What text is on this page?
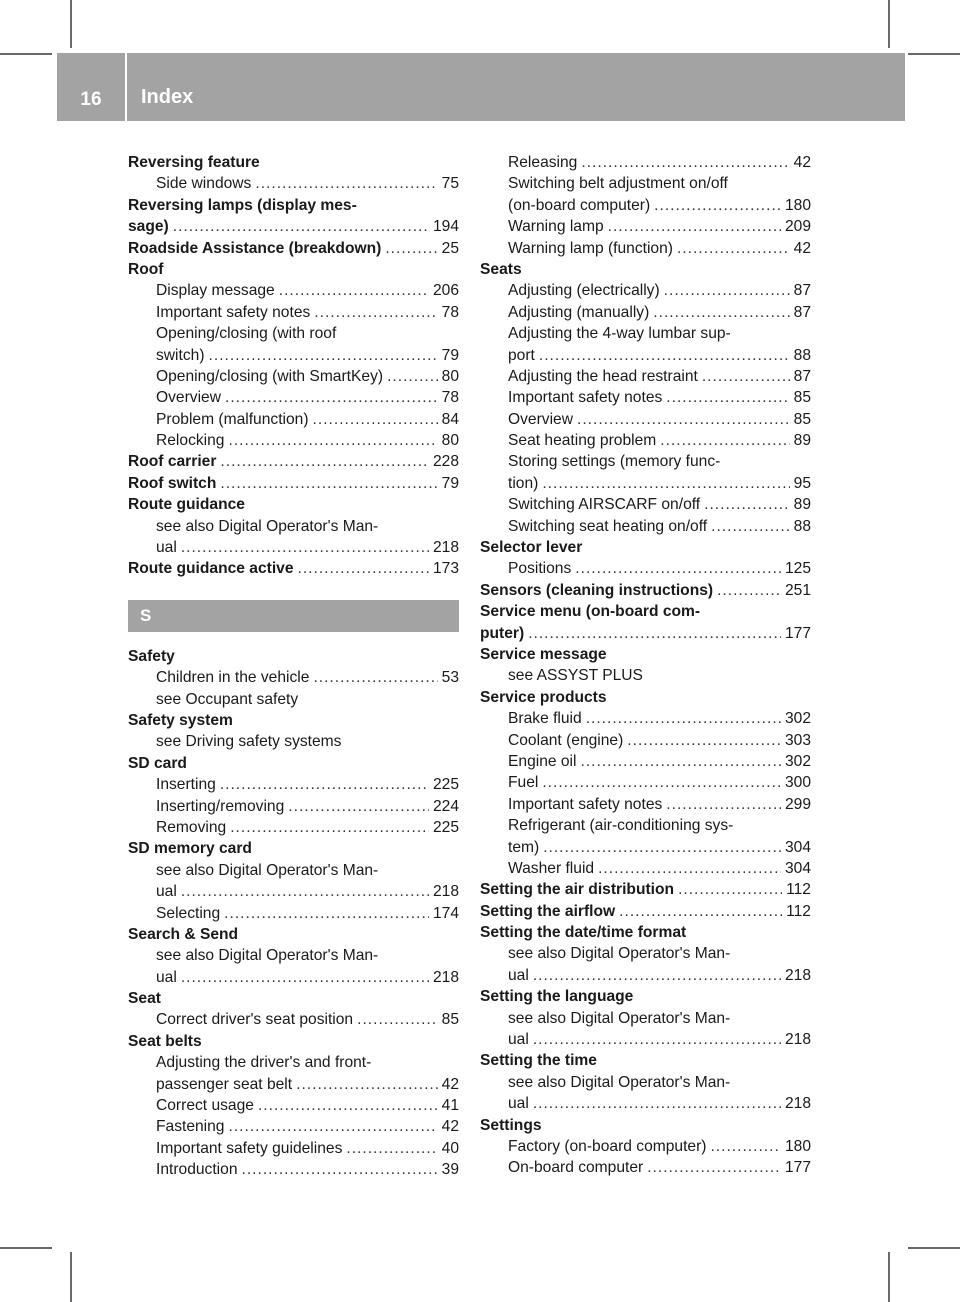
16	Index
Reversing feature
Side windows .....	75
Reversing lamps (display mes-
sage) .....	194
Roadside Assistance (breakdown) .....	25
Roof
Display message .....	206
Important safety notes .....	78
Opening/closing (with roof
switch) .....	79
Opening/closing (with SmartKey) .....	80
Overview .....	78
Problem (malfunction) .....	84
Relocking .....	80
Roof carrier .....	228
Roof switch .....	79
Route guidance
see also Digital Operator's Man-
ual .....	218
Route guidance active .....	173
S
Safety
Children in the vehicle .....	53
see Occupant safety
Safety system
see Driving safety systems
SD card
Inserting .....	225
Inserting/removing .....	224
Removing .....	225
SD memory card
see also Digital Operator's Man-
ual .....	218
Selecting .....	174
Search & Send
see also Digital Operator's Man-
ual .....	218
Seat
Correct driver's seat position .....	85
Seat belts
Adjusting the driver's and front-
passenger seat belt .....	42
Correct usage .....	41
Fastening .....	42
Important safety guidelines .....	40
Introduction .....	39
Releasing .....	42
Switching belt adjustment on/off
(on-board computer) .....	180
Warning lamp .....	209
Warning lamp (function) .....	42
Seats
Adjusting (electrically) .....	87
Adjusting (manually) .....	87
Adjusting the 4-way lumbar sup-
port .....	88
Adjusting the head restraint .....	87
Important safety notes .....	85
Overview .....	85
Seat heating problem .....	89
Storing settings (memory func-
tion) .....	95
Switching AIRSCARF on/off .....	89
Switching seat heating on/off .....	88
Selector lever
Positions .....	125
Sensors (cleaning instructions) .....	251
Service menu (on-board com-
puter) .....	177
Service message
see ASSYST PLUS
Service products
Brake fluid .....	302
Coolant (engine) .....	303
Engine oil .....	302
Fuel .....	300
Important safety notes .....	299
Refrigerant (air-conditioning sys-
tem) .....	304
Washer fluid .....	304
Setting the air distribution .....	112
Setting the airflow .....	112
Setting the date/time format
see also Digital Operator's Man-
ual .....	218
Setting the language
see also Digital Operator's Man-
ual .....	218
Setting the time
see also Digital Operator's Man-
ual .....	218
Settings
Factory (on-board computer) .....	180
On-board computer .....	177
